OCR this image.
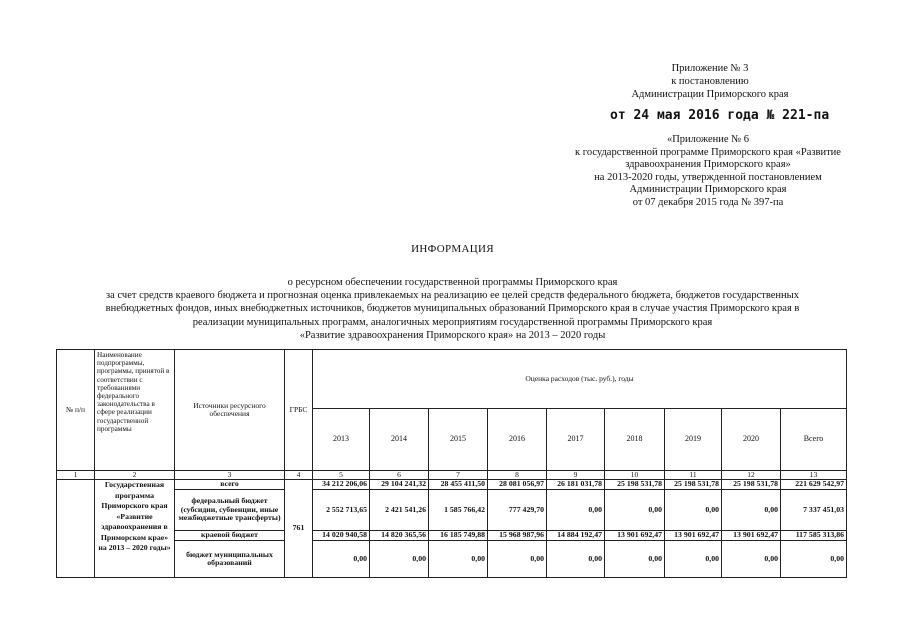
Приложение № 3
к постановлению
Администрации Приморского края
от 24 мая 2016 года № 221-па
«Приложение № 6
к государственной программе Приморского края «Развитие
здравоохранения Приморского края»
на 2013-2020 годы, утвержденной постановлением
Администрации Приморского края
от 07 декабря 2015 года № 397-па
ИНФОРМАЦИЯ
о ресурсном обеспечении государственной программы Приморского края
за счет средств краевого бюджета и прогнозная оценка привлекаемых на реализацию ее целей средств федерального бюджета, бюджетов государственных
внебюджетных фондов, иных внебюджетных источников, бюджетов муниципальных образований Приморского края в случае участия Приморского края в
реализации муниципальных программ, аналогичных мероприятиям государственной программы Приморского края
«Развитие здравоохранения Приморского края» на 2013 – 2020 годы
№ п/п	Наименование подпрограммы, программы, принятой в соответствии с требованиями федерального законодательства в сфере реализации государственной программы	Источники ресурсного обеспечения	ГРБС	Оценка расходов (тыс. руб.), годы								
				2013	2014	2015	2016	2017	2018	2019	2020	Всего
1	2	3	4	5	6	7	8	9	10	11	12	13
	Государственная программа Приморского края «Развитие здравоохранения в Приморском крае» на 2013 – 2020 годы»	всего	761	34 212 206,06	29 104 241,32	28 455 411,50	28 081 056,97	26 181 031,78	25 198 531,78	25 198 531,78	25 198 531,78	221 629 542,97
		федеральный бюджет (субсидии, субвенции, иные межбюджетные трансферты)		2 552 713,65	2 421 541,26	1 585 766,42	777 429,70	0,00	0,00	0,00	0,00	7 337 451,03
		краевой бюджет		14 020 940,58	14 820 365,56	16 185 749,88	15 968 987,96	14 884 192,47	13 901 692,47	13 901 692,47	13 901 692,47	117 585 313,86
		бюджет муниципальных образований		0,00	0,00	0,00	0,00	0,00	0,00	0,00	0,00	0,00
